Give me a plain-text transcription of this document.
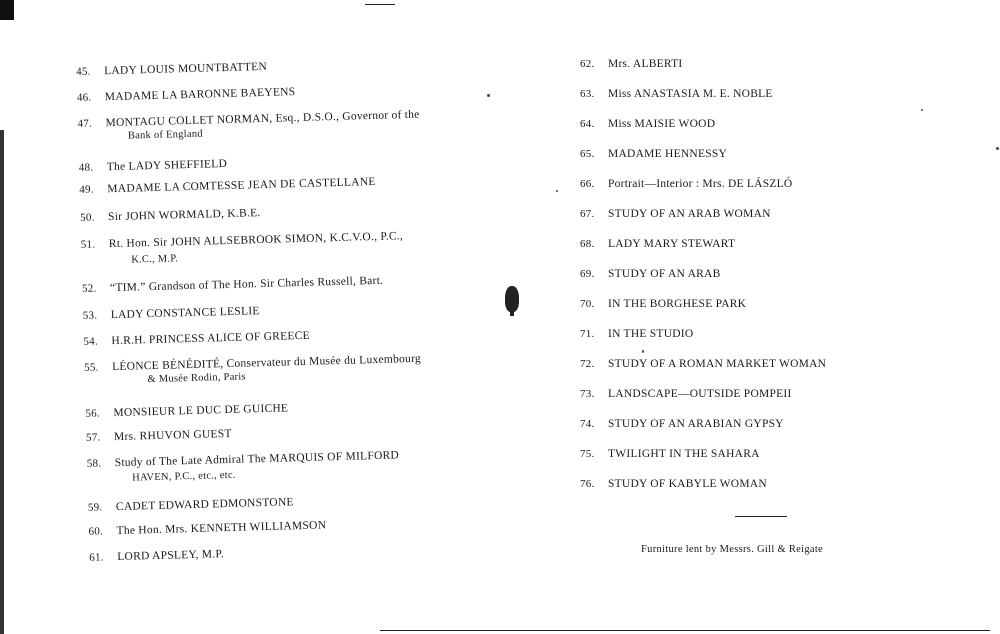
45. LADY LOUIS MOUNTBATTEN
46. MADAME LA BARONNE BAEYENS
47. MONTAGU COLLET NORMAN, Esq., D.S.O., Governor of the
Bank of England
48. The LADY SHEFFIELD
49. MADAME LA COMTESSE JEAN DE CASTELLANE
50. Sir JOHN WORMALD, K.B.E.
51. Rt. Hon. Sir JOHN ALLSEBROOK SIMON, K.C.V.O., P.C.,
K.C., M.P.
52. “TIM.” Grandson of The Hon. Sir Charles Russell, Bart.
53. LADY CONSTANCE LESLIE
54. H.R.H. PRINCESS ALICE OF GREECE
55. LÉONCE BÉNÉDITÉ, Conservateur du Musée du Luxembourg
& Musée Rodin, Paris
56. MONSIEUR LE DUC DE GUICHE
57. Mrs. RHUVON GUEST
58. Study of The Late Admiral The MARQUIS OF MILFORD
HAVEN, P.C., etc., etc.
59. CADET EDWARD EDMONSTONE
60. The Hon. Mrs. KENNETH WILLIAMSON
61. LORD APSLEY, M.P.
62. Mrs. ALBERTI
63. Miss ANASTASIA M. E. NOBLE
64. Miss MAISIE WOOD
65. MADAME HENNESSY
66. Portrait—Interior : Mrs. DE LÁSZLÓ
67. STUDY OF AN ARAB WOMAN
68. LADY MARY STEWART
69. STUDY OF AN ARAB
70. IN THE BORGHESE PARK
71. IN THE STUDIO
72. STUDY OF A ROMAN MARKET WOMAN
73. LANDSCAPE—OUTSIDE POMPEII
74. STUDY OF AN ARABIAN GYPSY
75. TWILIGHT IN THE SAHARA
76. STUDY OF KABYLE WOMAN
Furniture lent by Messrs. Gill & Reigate
